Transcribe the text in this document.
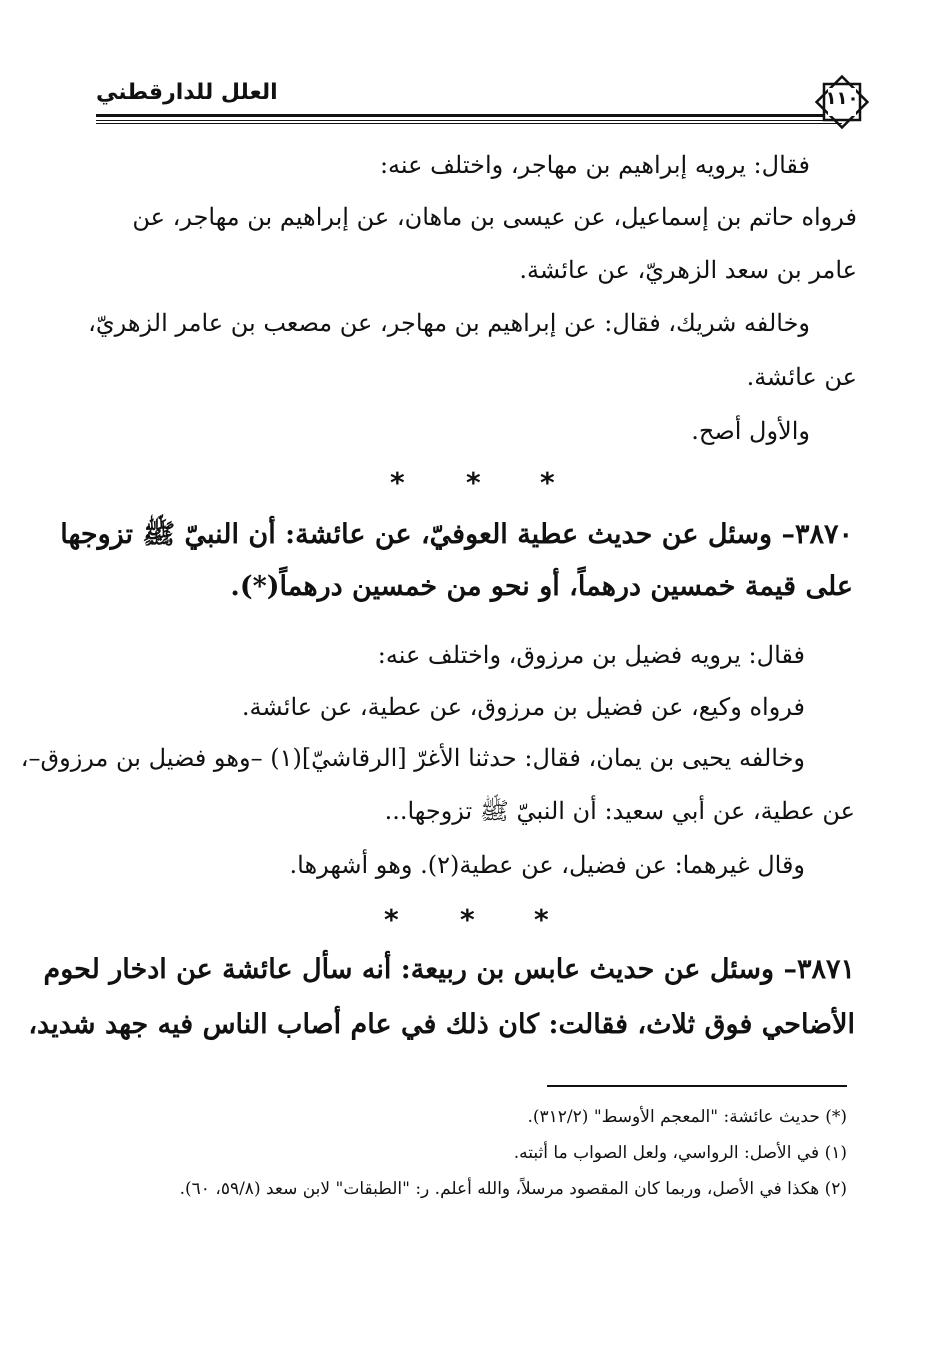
العلل للدارقطني	١١٠
فقال: يرويه إبراهيم بن مهاجر، واختلف عنه:
فرواه حاتم بن إسماعيل، عن عيسى بن ماهان، عن إبراهيم بن مهاجر، عن
عامر بن سعد الزهريّ، عن عائشة.
وخالفه شريك، فقال: عن إبراهيم بن مهاجر، عن مصعب بن عامر الزهريّ،
عن عائشة.
والأول أصح.
* * *
٣٨٧٠– وسئل عن حديث عطية العوفيّ، عن عائشة: أن النبيّ ﷺ تزوجها
على قيمة خمسين درهماً، أو نحو من خمسين درهماً(*).
فقال: يرويه فضيل بن مرزوق، واختلف عنه:
فرواه وكيع، عن فضيل بن مرزوق، عن عطية، عن عائشة.
وخالفه يحيى بن يمان، فقال: حدثنا الأغرّ [الرقاشيّ](١) –وهو فضيل بن مرزوق–،
عن عطية، عن أبي سعيد: أن النبيّ ﷺ تزوجها...
وقال غيرهما: عن فضيل، عن عطية(٢). وهو أشهرها.
* * *
٣٨٧١– وسئل عن حديث عابس بن ربيعة: أنه سأل عائشة عن ادخار لحوم
الأضاحي فوق ثلاث، فقالت: كان ذلك في عام أصاب الناس فيه جهد شديد،
(*) حديث عائشة: "المعجم الأوسط" (٣١٢/٢).
(١) في الأصل: الرواسي، ولعل الصواب ما أثبته.
(٢) هكذا في الأصل، وربما كان المقصود مرسلاً، والله أعلم. ر: "الطبقات" لابن سعد (٥٩/٨، ٦٠).
